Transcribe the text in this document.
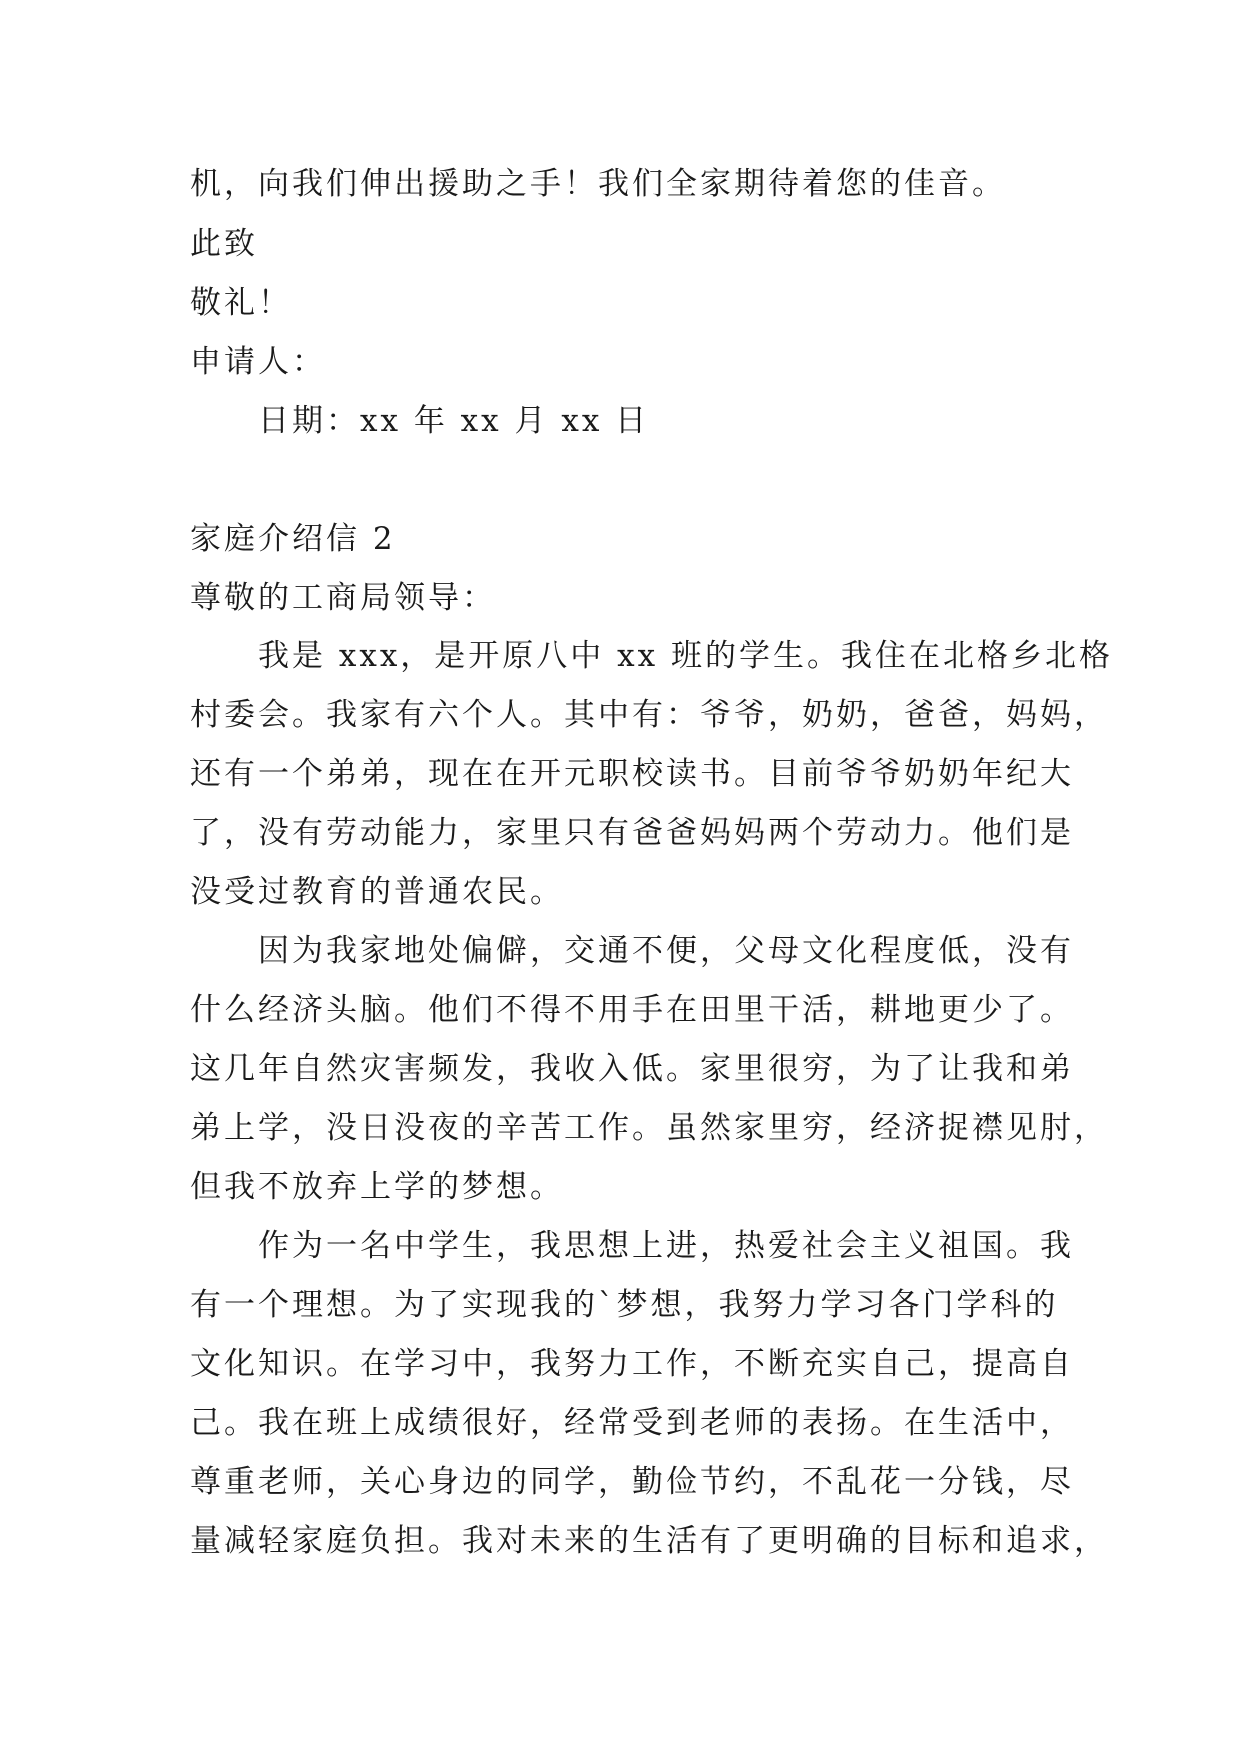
机，向我们伸出援助之手！我们全家期待着您的佳音。
此致
敬礼！
申请人：
日期：xx 年 xx 月 xx 日
家庭介绍信 2
尊敬的工商局领导：
我是 xxx，是开原八中 xx 班的学生。我住在北格乡北格
村委会。我家有六个人。其中有：爷爷，奶奶，爸爸，妈妈，
还有一个弟弟，现在在开元职校读书。目前爷爷奶奶年纪大
了，没有劳动能力，家里只有爸爸妈妈两个劳动力。他们是
没受过教育的普通农民。
因为我家地处偏僻，交通不便，父母文化程度低，没有
什么经济头脑。他们不得不用手在田里干活，耕地更少了。
这几年自然灾害频发，我收入低。家里很穷，为了让我和弟
弟上学，没日没夜的辛苦工作。虽然家里穷，经济捉襟见肘，
但我不放弃上学的梦想。
作为一名中学生，我思想上进，热爱社会主义祖国。我
有一个理想。为了实现我的`梦想，我努力学习各门学科的
文化知识。在学习中，我努力工作，不断充实自己，提高自
己。我在班上成绩很好，经常受到老师的表扬。在生活中，
尊重老师，关心身边的同学，勤俭节约，不乱花一分钱，尽
量减轻家庭负担。我对未来的生活有了更明确的目标和追求，
